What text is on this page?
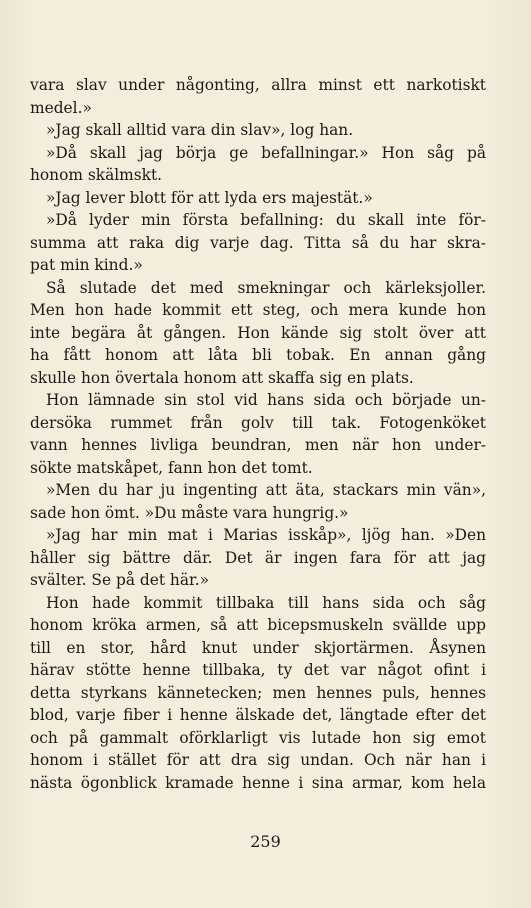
vara slav under någonting, allra minst ett narkotiskt
medel.»
»Jag skall alltid vara din slav», log han.
»Då skall jag börja ge befallningar.» Hon såg på
honom skälmskt.
»Jag lever blott för att lyda ers majestät.»
»Då lyder min första befallning: du skall inte för-
summa att raka dig varje dag. Titta så du har skra-
pat min kind.»
Så slutade det med smekningar och kärleksjoller.
Men hon hade kommit ett steg, och mera kunde hon
inte begära åt gången. Hon kände sig stolt över att
ha fått honom att låta bli tobak. En annan gång
skulle hon övertala honom att skaffa sig en plats.
Hon lämnade sin stol vid hans sida och började un-
dersöka rummet från golv till tak. Fotogenköket
vann hennes livliga beundran, men när hon under-
sökte matskåpet, fann hon det tomt.
»Men du har ju ingenting att äta, stackars min vän»,
sade hon ömt. »Du måste vara hungrig.»
»Jag har min mat i Marias isskåp», ljög han. »Den
håller sig bättre där. Det är ingen fara för att jag
svälter. Se på det här.»
Hon hade kommit tillbaka till hans sida och såg
honom kröka armen, så att bicepsmuskeln svällde upp
till en stor, hård knut under skjortärmen. Åsynen
härav stötte henne tillbaka, ty det var något ofint i
detta styrkans kännetecken; men hennes puls, hennes
blod, varje fiber i henne älskade det, längtade efter det
och på gammalt oförklarligt vis lutade hon sig emot
honom i stället för att dra sig undan. Och när han i
nästa ögonblick kramade henne i sina armar, kom hela
259
